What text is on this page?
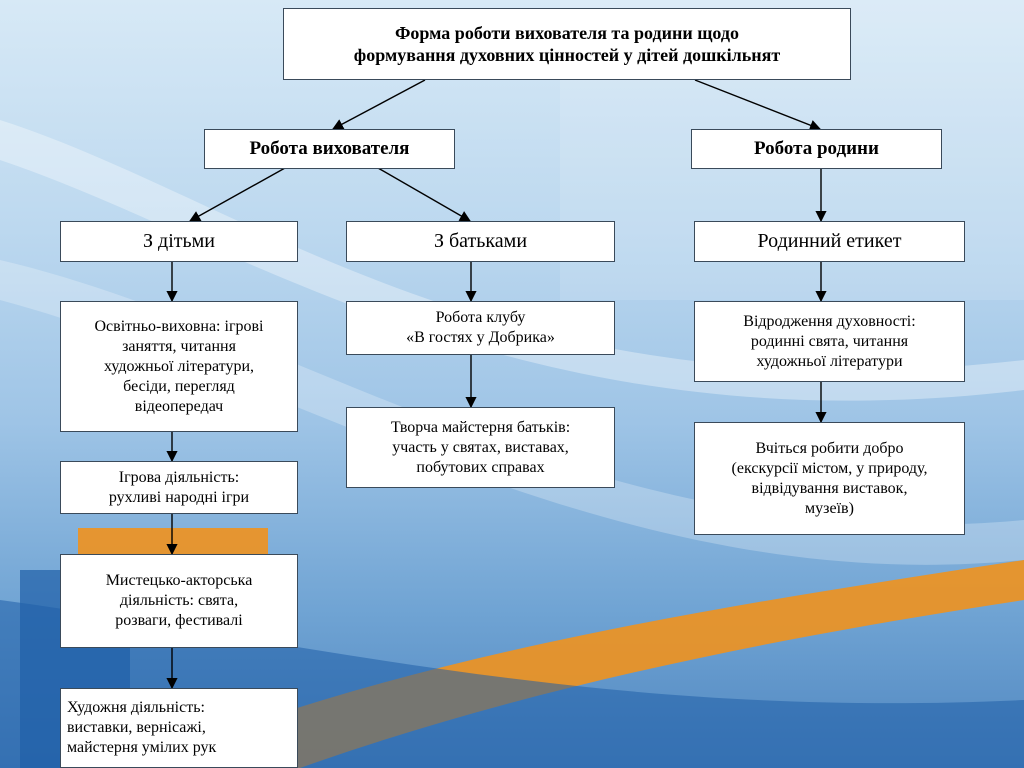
Форма роботи вихователя та родини щодо
формування духовних цінностей у дітей дошкільнят
Робота вихователя	Робота родини
З дітьми	З батьками	Родинний етикет
Освітньо-виховна: ігрові
заняття, читання
художньої літератури,
бесіди, перегляд
відеопередач
Ігрова діяльність:
рухливі народні ігри
Мистецько-акторська
діяльність: свята,
розваги, фестивалі
Художня діяльність:
виставки, вернісажі,
майстерня умілих рук
Робота клубу
«В гостях у Добрика»
Творча майстерня батьків:
участь у святах, виставах,
побутових справах
Відродження духовності:
родинні свята, читання
художньої літератури
Вчіться робити добро
(екскурсії містом, у природу,
відвідування виставок,
музеїв)
